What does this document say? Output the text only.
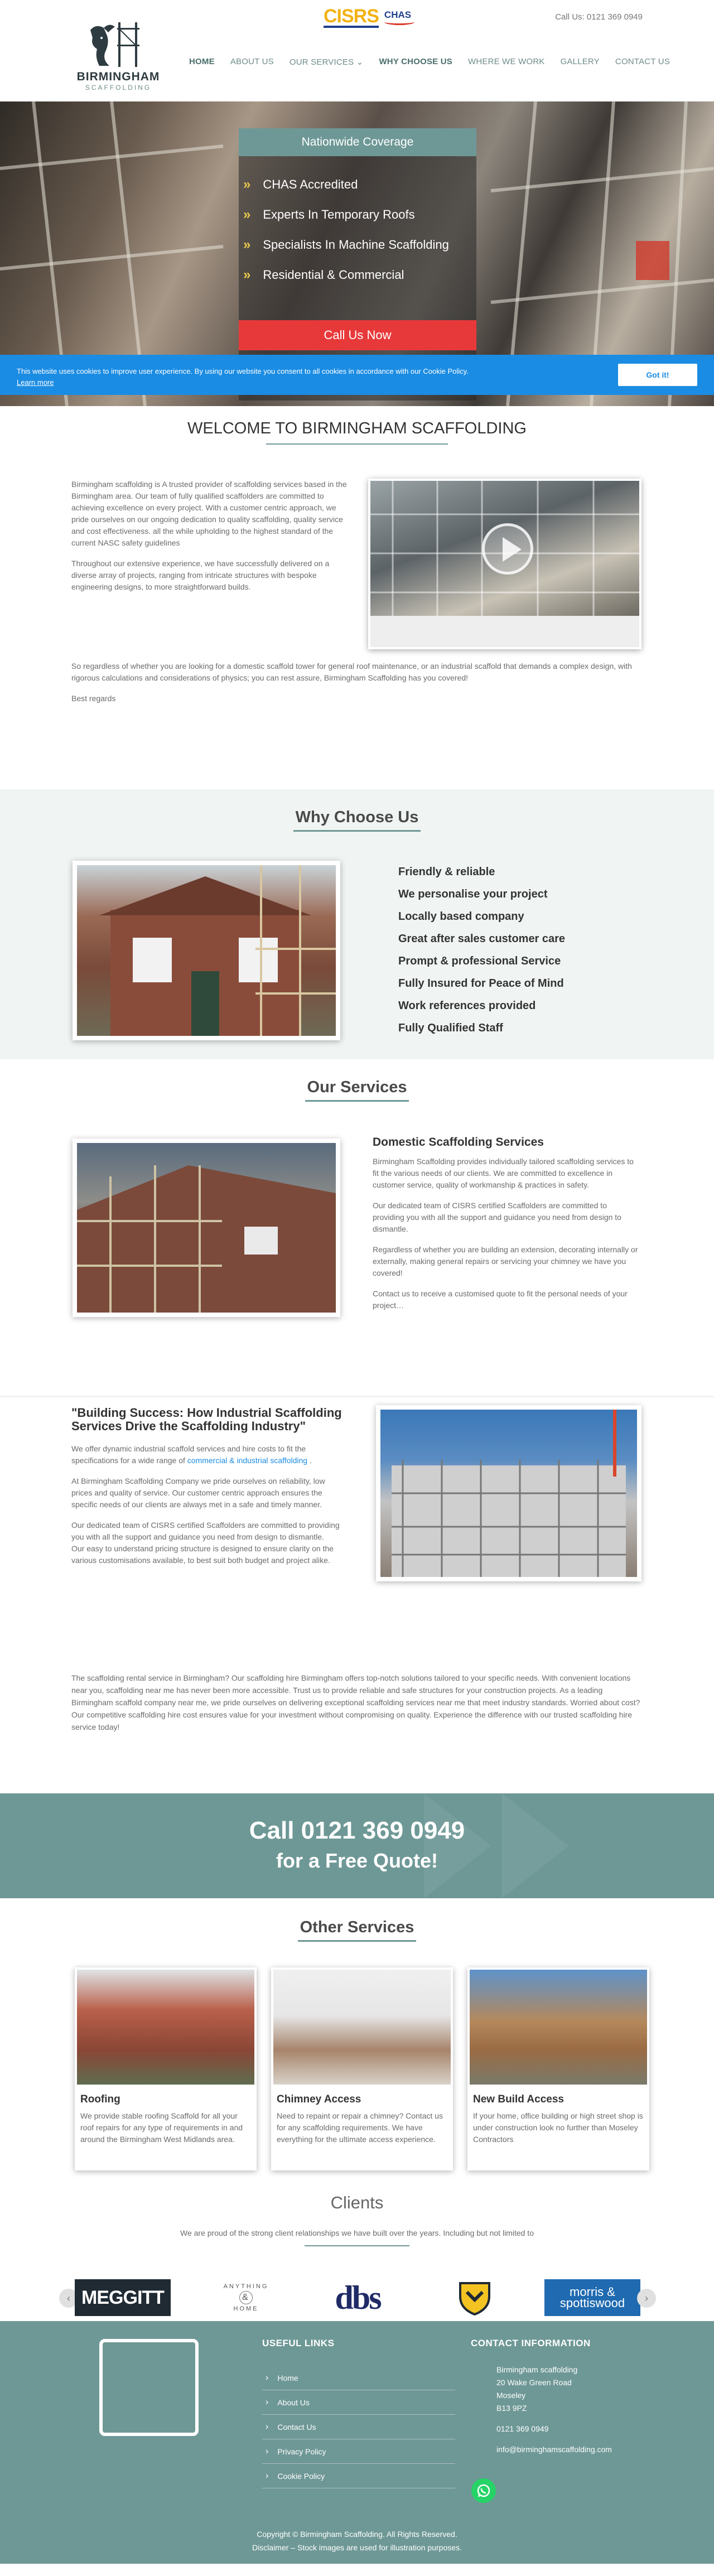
BIRMINGHAM
SCAFFOLDING
CISRS CHAS	Call Us: 0121 369 0949
HOME	ABOUT US	OUR SERVICES ⌄	WHY CHOOSE US	WHERE WE WORK	GALLERY	CONTACT US
Nationwide Coverage
» CHAS Accredited
» Experts In Temporary Roofs
» Specialists In Machine Scaffolding
» Residential & Commercial
Call Us Now
This website uses cookies to improve user experience. By using our website you consent to all cookies in accordance with our Cookie Policy.
Learn more
Got it!
WELCOME TO BIRMINGHAM SCAFFOLDING

Birmingham scaffolding is A trusted provider of scaffolding services based in the Birmingham area. Our team of fully qualified scaffolders are committed to achieving excellence on every project. With a customer centric approach, we pride ourselves on our ongoing dedication to quality scaffolding, quality service and cost effectiveness. all the while upholding to the highest standard of the current NASC safety guidelines

Throughout our extensive experience, we have successfully delivered on a diverse array of projects, ranging from intricate structures with bespoke engineering designs, to more straightforward builds.

So regardless of whether you are looking for a domestic scaffold tower for general roof maintenance, or an industrial scaffold that demands a complex design, with rigorous calculations and considerations of physics; you can rest assure, Birmingham Scaffolding has you covered!

Best regards

Why Choose Us
Friendly & reliable
We personalise your project
Locally based company
Great after sales customer care
Prompt & professional Service
Fully Insured for Peace of Mind
Work references provided
Fully Qualified Staff
Our Services
Domestic Scaffolding Services

Birmingham Scaffolding provides individually tailored scaffolding services to fit the various needs of our clients. We are committed to excellence in customer service, quality of workmanship & practices in safety.

Our dedicated team of CISRS certified Scaffolders are committed to providing you with all the support and guidance you need from design to dismantle.

Regardless of whether you are building an extension, decorating internally or externally, making general repairs or servicing your chimney we have you covered!

Contact us to receive a customised quote to fit the personal needs of your project…

"Building Success: How Industrial Scaffolding Services Drive the Scaffolding Industry"

We offer dynamic industrial scaffold services and hire costs to fit the specifications for a wide range of commercial & industrial scaffolding .

At Birmingham Scaffolding Company we pride ourselves on reliability, low prices and quality of service. Our customer centric approach ensures the specific needs of our clients are always met in a safe and timely manner.

Our dedicated team of CISRS certified Scaffolders are committed to providing you with all the support and guidance you need from design to dismantle.

Our easy to understand pricing structure is designed to ensure clarity on the various customisations available, to best suit both budget and project alike.

The scaffolding rental service in Birmingham? Our scaffolding hire Birmingham offers top-notch solutions tailored to your specific needs. With convenient locations near you, scaffolding near me has never been more accessible. Trust us to provide reliable and safe structures for your construction projects. As a leading Birmingham scaffold company near me, we pride ourselves on delivering exceptional scaffolding services near me that meet industry standards. Worried about cost? Our competitive scaffolding hire cost ensures value for your investment without compromising on quality. Experience the difference with our trusted scaffolding hire service today!
Call 0121 369 0949
for a Free Quote!
Other Services
Roofing

We provide stable roofing Scaffold for all your roof repairs for any type of requirements in and around the Birmingham West Midlands area.

Chimney Access

Need to repaint or repair a chimney? Contact us for any scaffolding requirements. We have everything for the ultimate access experience.

New Build Access

If your home, office building or high street shop is under construction look no further than Moseley Contractors

Clients
We are proud of the strong client relationships we have built over the years. Including but not limited to
‹ MEGGITT
ANYTHING
&
HOME	dbs	morris &
spottiswood	›
USEFUL LINKS
› Home
› About Us
› Contact Us
› Privacy Policy
› Cookie Policy
CONTACT INFORMATION
Birmingham scaffolding
20 Wake Green Road
Moseley
B13 9PZ
0121 369 0949
info@birminghamscaffolding.com
Copyright © Birmingham Scaffolding. All Rights Reserved.
Disclaimer – Stock images are used for illustration purposes.
